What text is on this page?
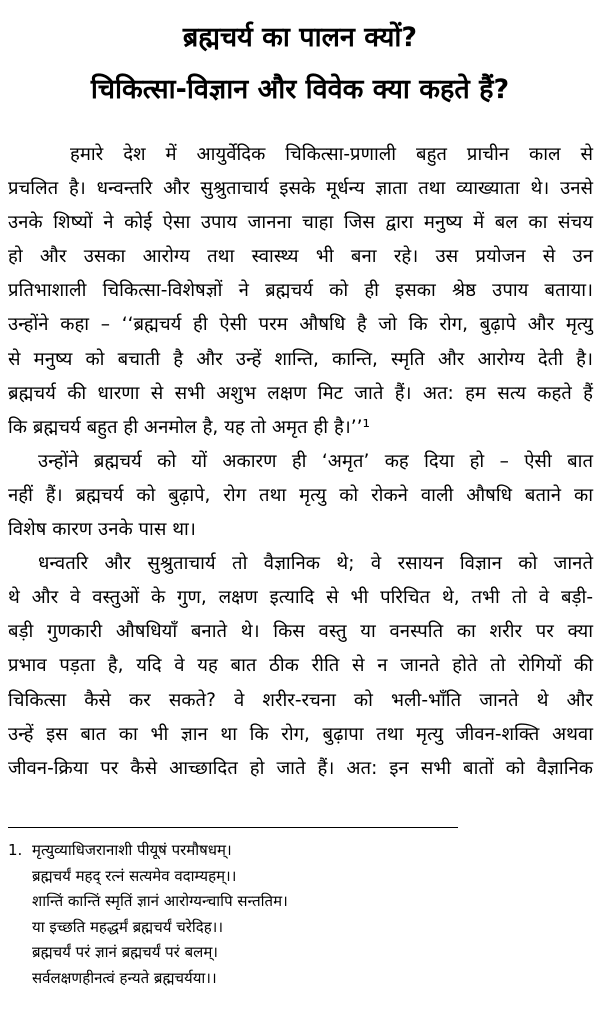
ब्रह्मचर्य का पालन क्यों?
चिकित्सा-विज्ञान और विवेक क्या कहते हैं?
हमारे देश में आयुर्वेदिक चिकित्सा-प्रणाली बहुत प्राचीन काल से
प्रचलित है। धन्वन्तरि और सुश्रुताचार्य इसके मूर्धन्य ज्ञाता तथा व्याख्याता थे। उनसे
उनके शिष्यों ने कोई ऐसा उपाय जानना चाहा जिस द्वारा मनुष्य में बल का संचय
हो और उसका आरोग्य तथा स्वास्थ्य भी बना रहे। उस प्रयोजन से उन
प्रतिभाशाली चिकित्सा-विशेषज्ञों ने ब्रह्मचर्य को ही इसका श्रेष्ठ उपाय बताया।
उन्होंने कहा – ‘‘ब्रह्मचर्य ही ऐसी परम औषधि है जो कि रोग, बुढ़ापे और मृत्यु
से मनुष्य को बचाती है और उन्हें शान्ति, कान्ति, स्मृति और आरोग्य देती है।
ब्रह्मचर्य की धारणा से सभी अशुभ लक्षण मिट जाते हैं। अत: हम सत्य कहते हैं
कि ब्रह्मचर्य बहुत ही अनमोल है, यह तो अमृत ही है।’’¹
उन्होंने ब्रह्मचर्य को यों अकारण ही ‘अमृत’ कह दिया हो – ऐसी बात
नहीं हैं। ब्रह्मचर्य को बुढ़ापे, रोग तथा मृत्यु को रोकने वाली औषधि बताने का
विशेष कारण उनके पास था।
धन्वतरि और सुश्रुताचार्य तो वैज्ञानिक थे; वे रसायन विज्ञान को जानते
थे और वे वस्तुओं के गुण, लक्षण इत्यादि से भी परिचित थे, तभी तो वे बड़ी-
बड़ी गुणकारी औषधियाँ बनाते थे। किस वस्तु या वनस्पति का शरीर पर क्या
प्रभाव पड़ता है, यदि वे यह बात ठीक रीति से न जानते होते तो रोगियों की
चिकित्सा कैसे कर सकते? वे शरीर-रचना को भली-भाँति जानते थे और
उन्हें इस बात का भी ज्ञान था कि रोग, बुढ़ापा तथा मृत्यु जीवन-शक्ति अथवा
जीवन-क्रिया पर कैसे आच्छादित हो जाते हैं। अत: इन सभी बातों को वैज्ञानिक
1. मृत्युव्याधिजरानाशी पीयूषं परमौषधम्।
ब्रह्मचर्यं महद् रत्नं सत्यमेव वदाम्यहम्।।
शान्तिं कान्तिं स्मृतिं ज्ञानं आरोग्यन्चापि सन्ततिम।
या इच्छति महद्धर्मं ब्रह्मचर्यं चरेदिह।।
ब्रह्मचर्यं परं ज्ञानं ब्रह्मचर्यं परं बलम्।
सर्वलक्षणहीनत्वं हन्यते ब्रह्मचर्यया।।
